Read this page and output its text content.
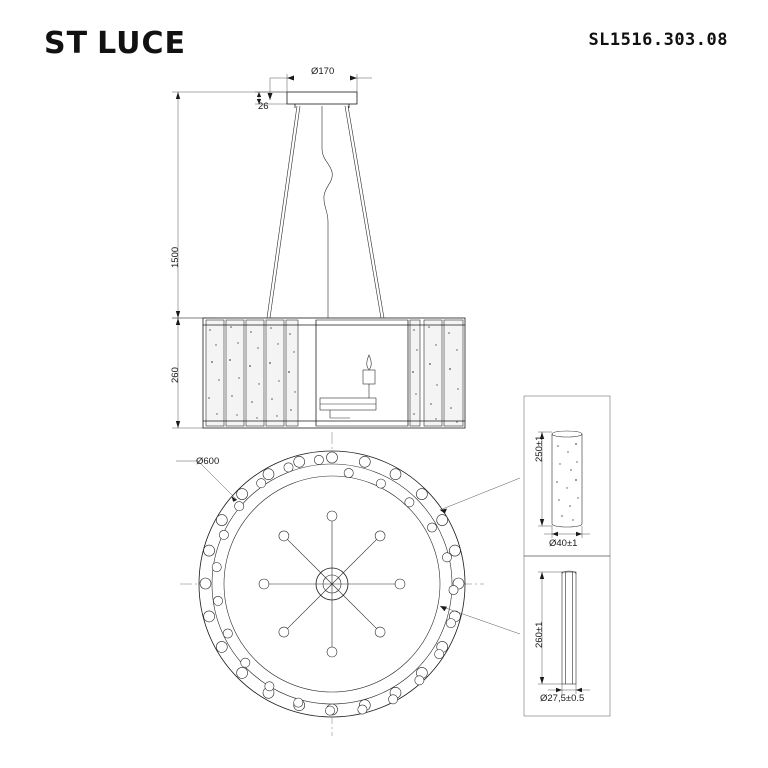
ST LUCE	SL1516.303.08
Ø170
26
1500
260
Ø600	250±1
Ø40±1
260±1
Ø27,5±0.5
